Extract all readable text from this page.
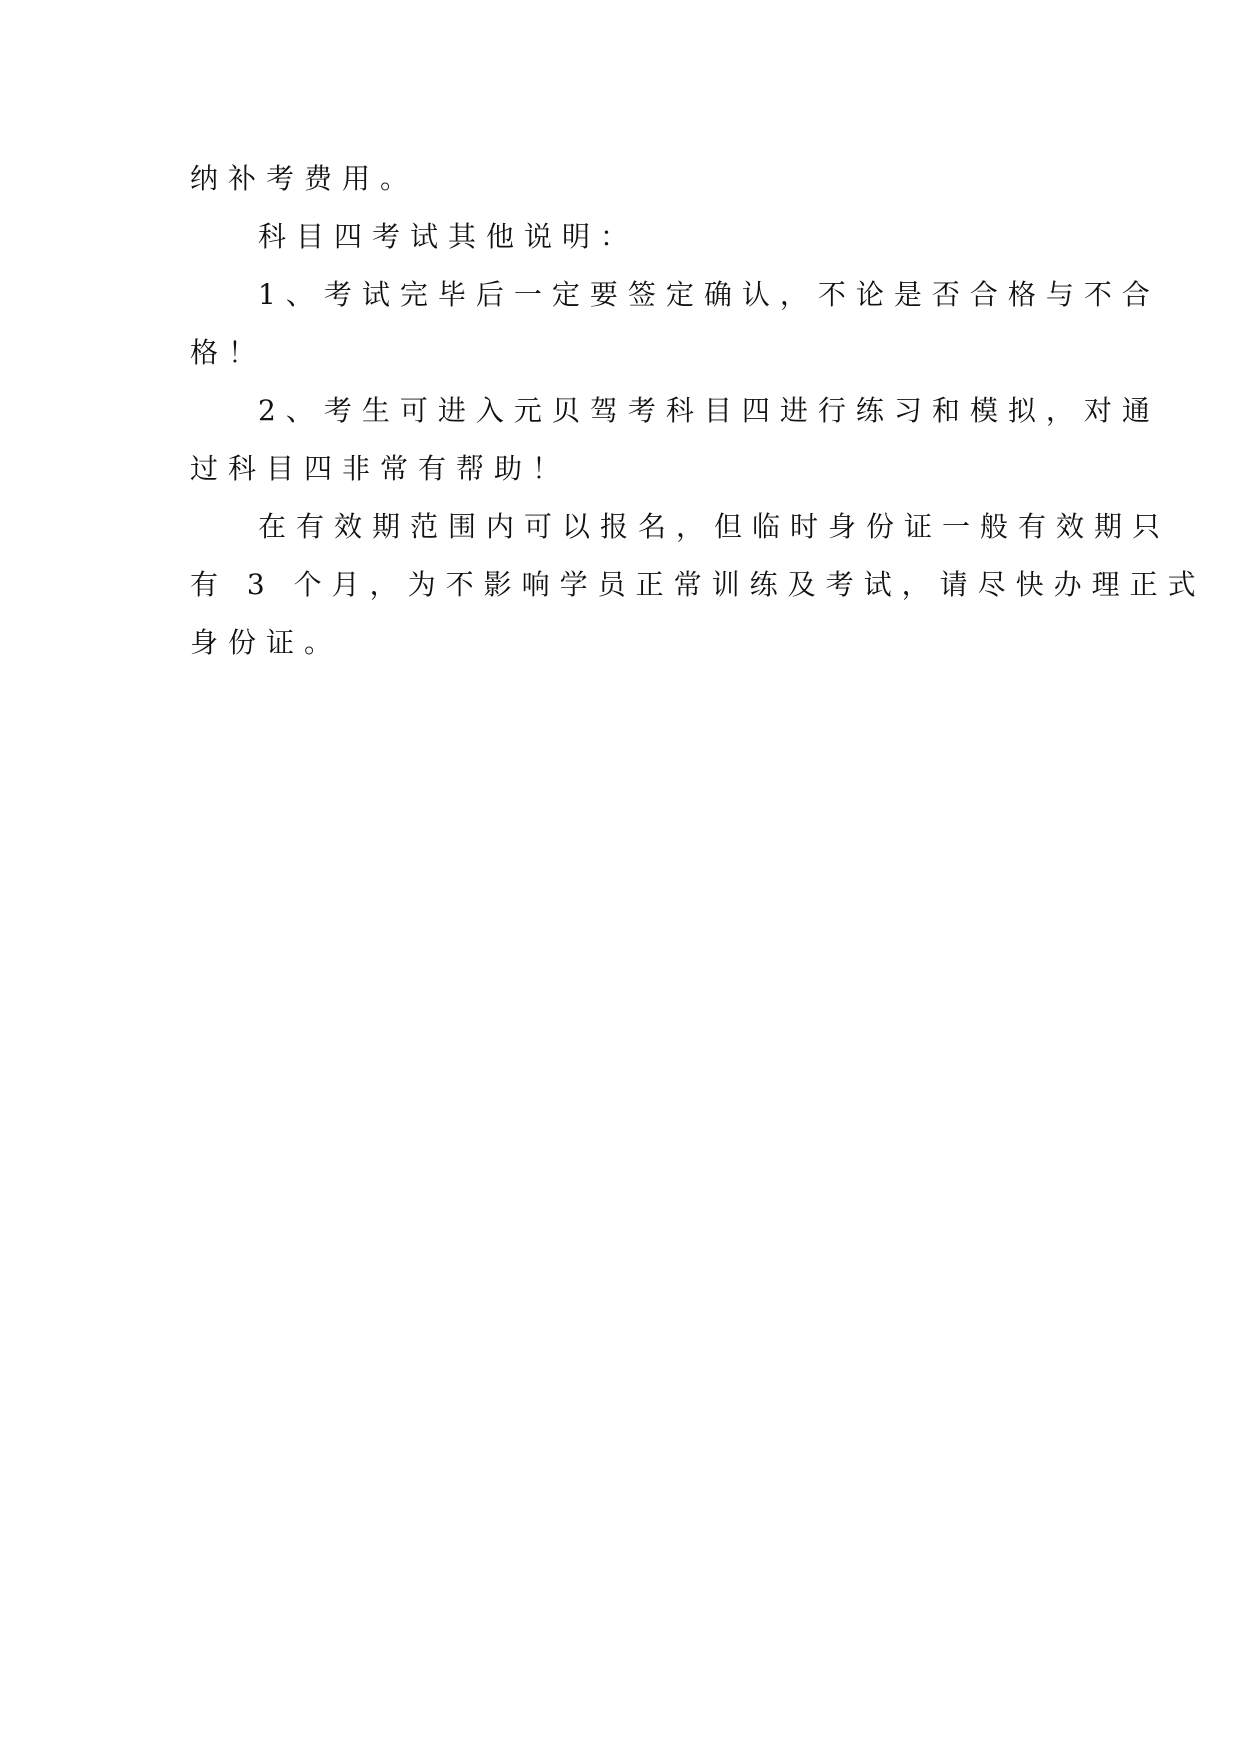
纳补考费用。
科目四考试其他说明：
1、考试完毕后一定要签定确认，不论是否合格与不合
格！
2、考生可进入元贝驾考科目四进行练习和模拟，对通
过科目四非常有帮助！
在有效期范围内可以报名，但临时身份证一般有效期只
有 3 个月，为不影响学员正常训练及考试，请尽快办理正式
身份证。
